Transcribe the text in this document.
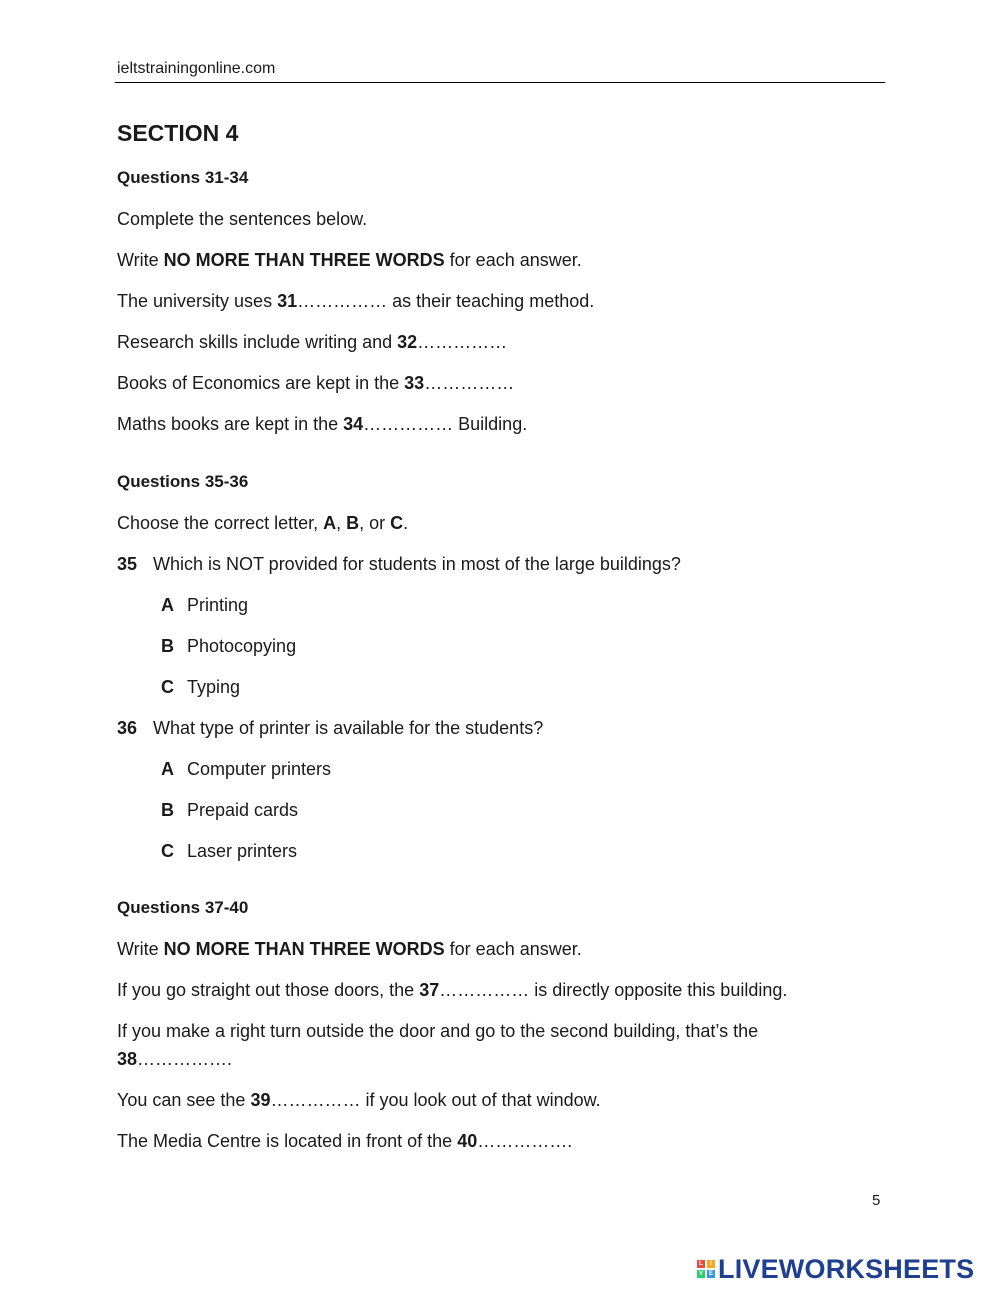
ieltstrainingonline.com
SECTION 4
Questions 31-34
Complete the sentences below.
Write NO MORE THAN THREE WORDS for each answer.
The university uses 31…………… as their teaching method.
Research skills include writing and 32……………
Books of Economics are kept in the 33……………
Maths books are kept in the 34…………… Building.
Questions 35-36
Choose the correct letter, A, B, or C.
35 Which is NOT provided for students in most of the large buildings?
A Printing
B Photocopying
C Typing
36 What type of printer is available for the students?
A Computer printers
B Prepaid cards
C Laser printers
Questions 37-40
Write NO MORE THAN THREE WORDS for each answer.
If you go straight out those doors, the 37…………… is directly opposite this building.
If you make a right turn outside the door and go to the second building, that’s the
38…………….
You can see the 39…………… if you look out of that window.
The Media Centre is located in front of the 40…………….
5
L	I
V E LIVEWORKSHEETS
